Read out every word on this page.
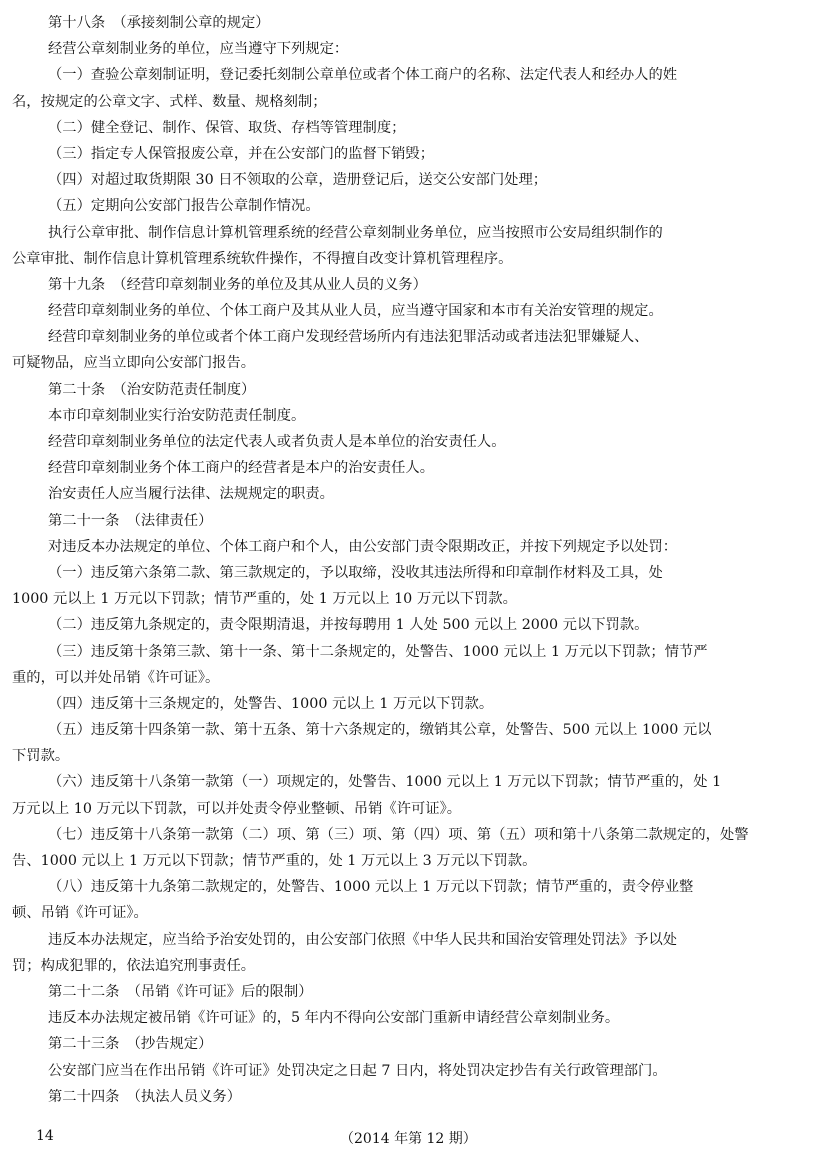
第十八条　（承接刻制公章的规定）
经营公章刻制业务的单位，应当遵守下列规定：
（一）查验公章刻制证明，登记委托刻制公章单位或者个体工商户的名称、法定代表人和经办人的姓
名，按规定的公章文字、式样、数量、规格刻制；
（二）健全登记、制作、保管、取货、存档等管理制度；
（三）指定专人保管报废公章，并在公安部门的监督下销毁；
（四）对超过取货期限 30 日不领取的公章，造册登记后，送交公安部门处理；
（五）定期向公安部门报告公章制作情况。
执行公章审批、制作信息计算机管理系统的经营公章刻制业务单位，应当按照市公安局组织制作的
公章审批、制作信息计算机管理系统软件操作，不得擅自改变计算机管理程序。
第十九条　（经营印章刻制业务的单位及其从业人员的义务）
经营印章刻制业务的单位、个体工商户及其从业人员，应当遵守国家和本市有关治安管理的规定。
经营印章刻制业务的单位或者个体工商户发现经营场所内有违法犯罪活动或者违法犯罪嫌疑人、
可疑物品，应当立即向公安部门报告。
第二十条　（治安防范责任制度）
本市印章刻制业实行治安防范责任制度。
经营印章刻制业务单位的法定代表人或者负责人是本单位的治安责任人。
经营印章刻制业务个体工商户的经营者是本户的治安责任人。
治安责任人应当履行法律、法规规定的职责。
第二十一条　（法律责任）
对违反本办法规定的单位、个体工商户和个人，由公安部门责令限期改正，并按下列规定予以处罚：
（一）违反第六条第二款、第三款规定的，予以取缔，没收其违法所得和印章制作材料及工具，处
1000 元以上 1 万元以下罚款；情节严重的，处 1 万元以上 10 万元以下罚款。
（二）违反第九条规定的，责令限期清退，并按每聘用 1 人处 500 元以上 2000 元以下罚款。
（三）违反第十条第三款、第十一条、第十二条规定的，处警告、1000 元以上 1 万元以下罚款；情节严
重的，可以并处吊销《许可证》。
（四）违反第十三条规定的，处警告、1000 元以上 1 万元以下罚款。
（五）违反第十四条第一款、第十五条、第十六条规定的，缴销其公章，处警告、500 元以上 1000 元以
下罚款。
（六）违反第十八条第一款第（一）项规定的，处警告、1000 元以上 1 万元以下罚款；情节严重的，处 1
万元以上 10 万元以下罚款，可以并处责令停业整顿、吊销《许可证》。
（七）违反第十八条第一款第（二）项、第（三）项、第（四）项、第（五）项和第十八条第二款规定的，处警
告、1000 元以上 1 万元以下罚款；情节严重的，处 1 万元以上 3 万元以下罚款。
（八）违反第十九条第二款规定的，处警告、1000 元以上 1 万元以下罚款；情节严重的，责令停业整
顿、吊销《许可证》。
违反本办法规定，应当给予治安处罚的，由公安部门依照《中华人民共和国治安管理处罚法》予以处
罚；构成犯罪的，依法追究刑事责任。
第二十二条　（吊销《许可证》后的限制）
违反本办法规定被吊销《许可证》的，5 年内不得向公安部门重新申请经营公章刻制业务。
第二十三条　（抄告规定）
公安部门应当在作出吊销《许可证》处罚决定之日起 7 日内，将处罚决定抄告有关行政管理部门。
第二十四条　（执法人员义务）
14	（2014 年第 12 期）
